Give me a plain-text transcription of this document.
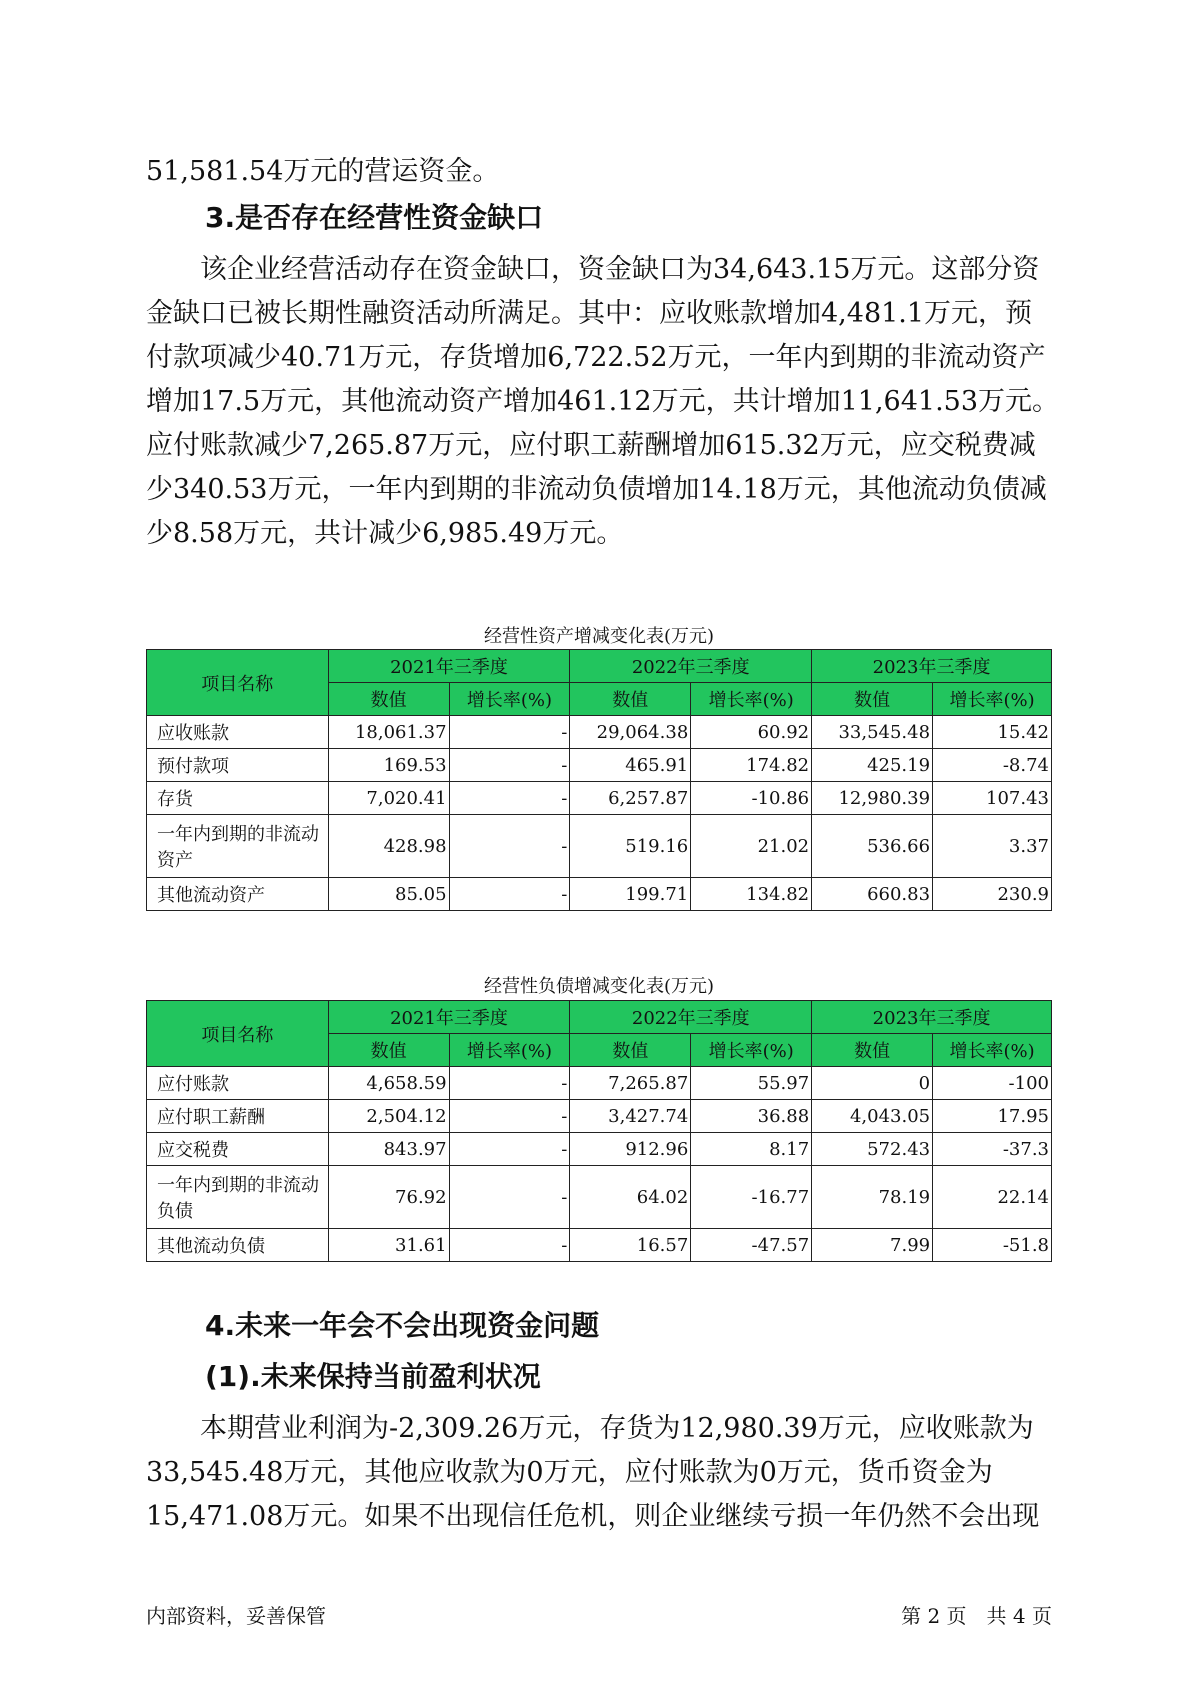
51,581.54万元的营运资金。
3.是否存在经营性资金缺口
　　该企业经营活动存在资金缺口，资金缺口为34,643.15万元。这部分资
金缺口已被长期性融资活动所满足。其中：应收账款增加4,481.1万元，预
付款项减少40.71万元，存货增加6,722.52万元，一年内到期的非流动资产
增加17.5万元，其他流动资产增加461.12万元，共计增加11,641.53万元。
应付账款减少7,265.87万元，应付职工薪酬增加615.32万元，应交税费减
少340.53万元，一年内到期的非流动负债增加14.18万元，其他流动负债减
少8.58万元，共计减少6,985.49万元。
经营性资产增减变化表(万元)
项目名称	2021年三季度		2022年三季度		2023年三季度	
	数值	增长率(%)	数值	增长率(%)	数值	增长率(%)
应收账款	18,061.37	-	29,064.38	60.92	33,545.48	15.42
预付款项	169.53	-	465.91	174.82	425.19	-8.74
存货	7,020.41	-	6,257.87	-10.86	12,980.39	107.43
一年内到期的非流动资产	428.98	-	519.16	21.02	536.66	3.37
其他流动资产	85.05	-	199.71	134.82	660.83	230.9
经营性负债增减变化表(万元)
项目名称	2021年三季度		2022年三季度		2023年三季度	
	数值	增长率(%)	数值	增长率(%)	数值	增长率(%)
应付账款	4,658.59	-	7,265.87	55.97	0	-100
应付职工薪酬	2,504.12	-	3,427.74	36.88	4,043.05	17.95
应交税费	843.97	-	912.96	8.17	572.43	-37.3
一年内到期的非流动负债	76.92	-	64.02	-16.77	78.19	22.14
其他流动负债	31.61	-	16.57	-47.57	7.99	-51.8
4.未来一年会不会出现资金问题
(1).未来保持当前盈利状况
　　本期营业利润为-2,309.26万元，存货为12,980.39万元，应收账款为
33,545.48万元，其他应收款为0万元，应付账款为0万元，货币资金为
15,471.08万元。如果不出现信任危机，则企业继续亏损一年仍然不会出现
内部资料，妥善保管	第 2 页　共 4 页
